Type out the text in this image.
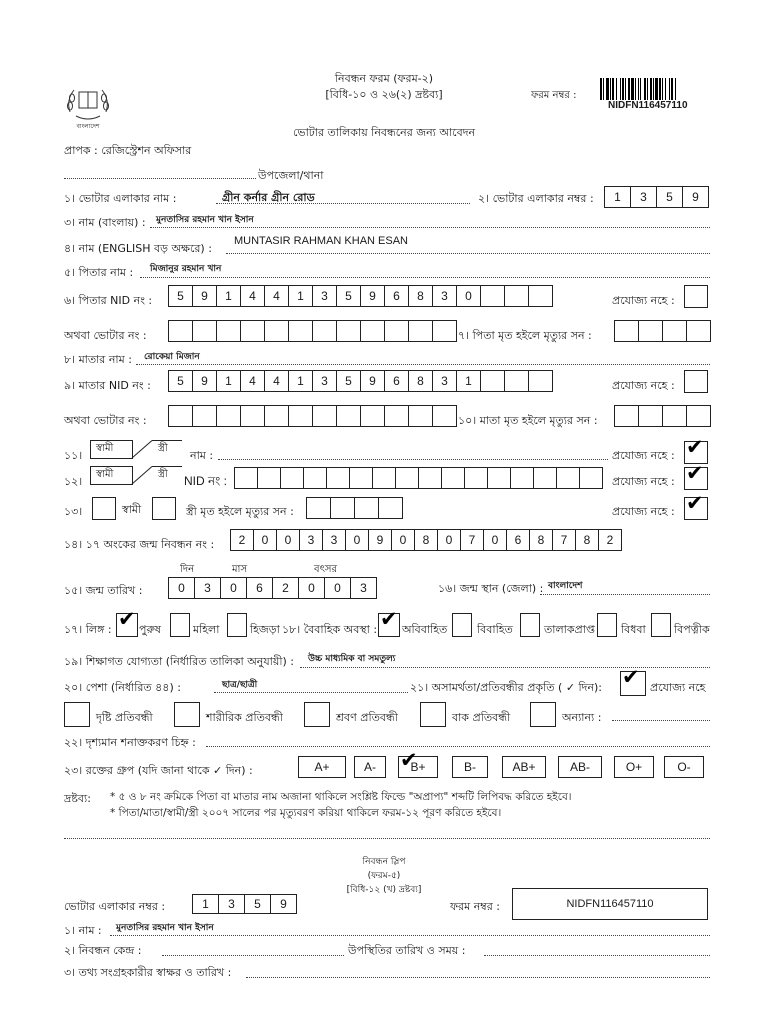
বাংলাদেশ
নিবন্ধন ফরম (ফরম-২)
[বিধি-১০ ও ২৬(২) দ্রষ্টব্য]	ফরম নম্বর :
NIDFN116457110
ভোটার তালিকায় নিবন্ধনের জন্য আবেদন
প্রাপক : রেজিস্ট্রেশন অফিসার
উপজেলা/থানা
১। ভোটার এলাকার নাম :	গ্রীন কর্নার গ্রীন রোড	২। ভোটার এলাকার নম্বর :	1	3	5	9
৩। নাম (বাংলায়) : মুনতাসির রহমান খান ইসান
৪। নাম (ENGLISH বড় অক্ষরে) :
MUNTASIR RAHMAN KHAN ESAN
৫। পিতার নাম : মিজানুর রহমান খান
৬। পিতার NID নং :	5	9	1	4	4	1	3	5	9	6	8	3	0	প্রযোজ্য নহে :
অথবা ভোটার নং :	৭। পিতা মৃত হইলে মৃত্যুর সন :
৮। মাতার নাম : রোকেয়া মিজান
৯। মাতার NID নং :	5	9	1	4	4	1	3	5	9	6	8	3	1	প্রযোজ্য নহে :
অথবা ভোটার নং :	১০। মাতা মৃত হইলে মৃত্যুর সন :
১১।
স্বামী	স্ত্রী
নাম :	প্রযোজ্য নহে :
✔
১২।
স্বামী	স্ত্রী NID নং :	প্রযোজ্য নহে :
✔
১৩।	স্বামী	স্ত্রী মৃত হইলে মৃত্যুর সন :	প্রযোজ্য নহে :
✔
১৪। ১৭ অংকের জন্ম নিবন্ধন নং :	2	0	0	3	3	0	9	0	8	0	7	0	6	8	7	8	2
দিন	মাস	বৎসর
১৫। জন্ম তারিখ :	0	3	0	6	2	0	0	3	১৬। জন্ম স্থান (জেলা) : বাংলাদেশ
১৭। লিঙ্গ : ✔ পুরুষ	মহিলা	হিজড়া ১৮। বৈবাহিক অবস্থা : ✔ অবিবাহিত	বিবাহিত	তালাকপ্রাপ্ত বিধবা	বিপত্নীক
১৯। শিক্ষাগত যোগ্যতা (নির্ধারিত তালিকা অনুযায়ী) : উচ্চ মাধ্যমিক বা সমতুল্য
২০। পেশা (নির্ধারিত ৪৪) :	ছাত্র/ছাত্রী	২১। অসামর্থতা/প্রতিবন্ধীর প্রকৃতি ( ✓ দিন): ✔	প্রযোজ্য নহে
দৃষ্টি প্রতিবন্ধী	শারীরিক প্রতিবন্ধী	শ্রবণ প্রতিবন্ধী	বাক প্রতিবন্ধী	অন্যান্য :
২২। দৃশ্যমান শনাক্তকরণ চিহ্ন :
২৩। রক্তের গ্রুপ (যদি জানা থাকে ✓ দিন) :	A+	A-	✔ B+	B-	AB+	AB-	O+	O-
দ্রষ্টব্য: * ৫ ও ৮ নং ক্রমিকে পিতা বা মাতার নাম অজানা থাকিলে সংশ্লিষ্ট ফিল্ডে "অপ্রাপ্য" শব্দটি লিপিবদ্ধ করিতে হইবে।
* পিতা/মাতা/স্বামী/স্ত্রী ২০০৭ সালের পর মৃত্যুবরণ করিয়া থাকিলে ফরম-১২ পূরণ করিতে হইবে।
নিবন্ধন স্লিপ
(ফরম-৫)
[বিধি-১২ (খ) দ্রষ্টব্য]
ভোটার এলাকার নম্বর :	1	3	5	9	ফরম নম্বর :	NIDFN116457110
১। নাম : মুনতাসির রহমান খান ইসান
২। নিবন্ধন কেন্দ্র :	উপস্থিতির তারিখ ও সময় :
৩। তথ্য সংগ্রহকারীর স্বাক্ষর ও তারিখ :
